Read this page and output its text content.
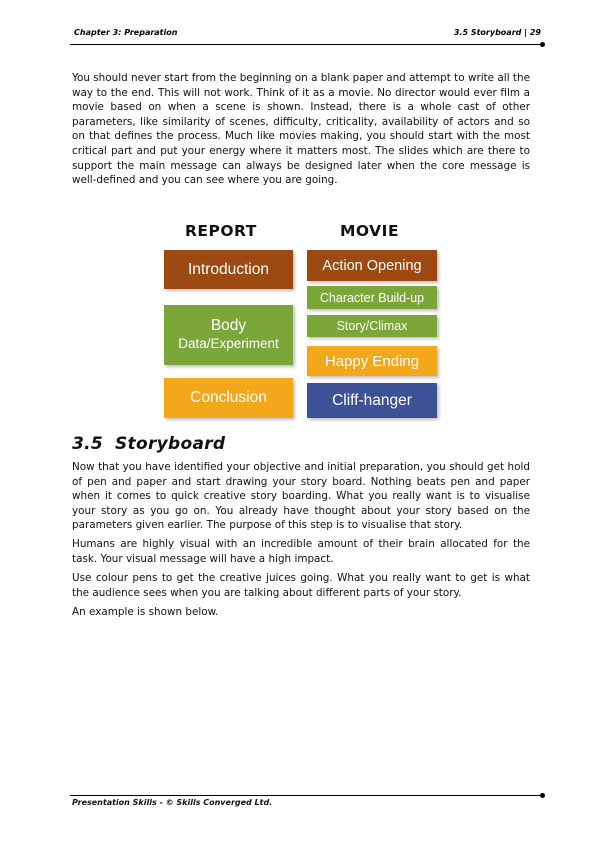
Chapter 3: Preparation	3.5 Storyboard | 29

You should never start from the beginning on a blank paper and attempt to write all the way to the end. This will not work. Think of it as a movie. No director would ever film a movie based on when a scene is shown. Instead, there is a whole cast of other parameters, like similarity of scenes, difficulty, criticality, availability of actors and so on that defines the process. Much like movies making, you should start with the most critical part and put your energy where it matters most. The slides which are there to support the main message can always be designed later when the core message is well-defined and you can see where you are going.

REPORT	MOVIE
Introduction
Body
Data/Experiment
Conclusion
Action Opening
Character Build-up
Story/Climax
Happy Ending
Cliff-hanger
3.5 Storyboard

Now that you have identified your objective and initial preparation, you should get hold of pen and paper and start drawing your story board. Nothing beats pen and paper when it comes to quick creative story boarding. What you really want is to visualise your story as you go on. You already have thought about your story based on the parameters given earlier. The purpose of this step is to visualise that story.

Humans are highly visual with an incredible amount of their brain allocated for the task. Your visual message will have a high impact.

Use colour pens to get the creative juices going. What you really want to get is what the audience sees when you are talking about different parts of your story.

An example is shown below.

Presentation Skills - © Skills Converged Ltd.
